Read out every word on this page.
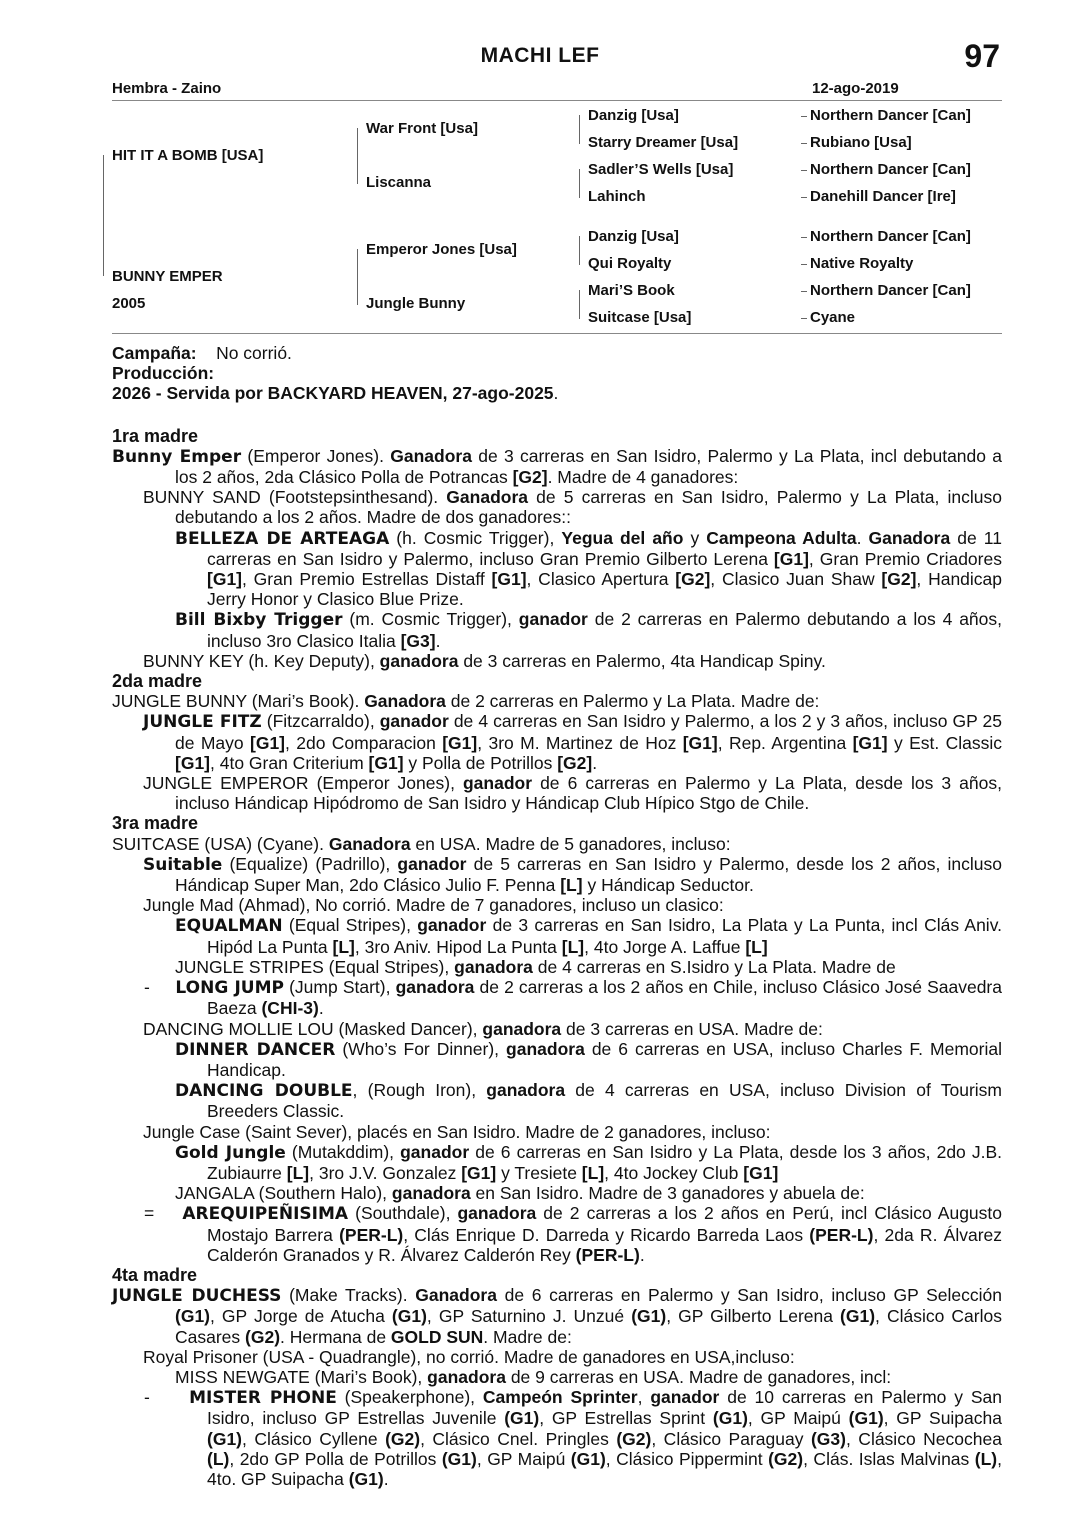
MACHI LEF	97
Hembra - Zaino	12-ago-2019
HIT IT A BOMB [USA]
BUNNY EMPER
2005
War Front [Usa]
Liscanna
Emperor Jones [Usa]
Jungle Bunny
Danzig [Usa]
Starry Dreamer [Usa]
Sadler’S Wells [Usa]
Lahinch
Danzig [Usa]
Qui Royalty
Mari’S Book
Suitcase [Usa]
Northern Dancer [Can]
Rubiano [Usa]
Northern Dancer [Can]
Danehill Dancer [Ire]
Northern Dancer [Can]
Native Royalty
Northern Dancer [Can]
Cyane

Campaña: No corrió.

Producción:

2026 - Servida por BACKYARD HEAVEN, 27-ago-2025.

1ra madre

Bunny Emper (Emperor Jones). Ganadora de 3 carreras en San Isidro, Palermo y La Plata, incl debutando a los 2 años, 2da Clásico Polla de Potrancas [G2]. Madre de 4 ganadores:

BUNNY SAND (Footstepsinthesand). Ganadora de 5 carreras en San Isidro, Palermo y La Plata, incluso debutando a los 2 años. Madre de dos ganadores::

BELLEZA DE ARTEAGA (h. Cosmic Trigger), Yegua del año y Campeona Adulta. Ganadora de 11 carreras en San Isidro y Palermo, incluso Gran Premio Gilberto Lerena [G1], Gran Premio Criadores [G1], Gran Premio Estrellas Distaff [G1], Clasico Apertura [G2], Clasico Juan Shaw [G2], Handicap Jerry Honor y Clasico Blue Prize.

Bill Bixby Trigger (m. Cosmic Trigger), ganador de 2 carreras en Palermo debutando a los 4 años, incluso 3ro Clasico Italia [G3].

BUNNY KEY (h. Key Deputy), ganadora de 3 carreras en Palermo, 4ta Handicap Spiny.

2da madre

JUNGLE BUNNY (Mari’s Book). Ganadora de 2 carreras en Palermo y La Plata. Madre de:

JUNGLE FITZ (Fitzcarraldo), ganador de 4 carreras en San Isidro y Palermo, a los 2 y 3 años, incluso GP 25 de Mayo [G1], 2do Comparacion [G1], 3ro M. Martinez de Hoz [G1], Rep. Argentina [G1] y Est. Classic [G1], 4to Gran Criterium [G1] y Polla de Potrillos [G2].

JUNGLE EMPEROR (Emperor Jones), ganador de 6 carreras en Palermo y La Plata, desde los 3 años, incluso Hándicap Hipódromo de San Isidro y Hándicap Club Hípico Stgo de Chile.

3ra madre

SUITCASE (USA) (Cyane). Ganadora en USA. Madre de 5 ganadores, incluso:

Suitable (Equalize) (Padrillo), ganador de 5 carreras en San Isidro y Palermo, desde los 2 años, incluso Hándicap Super Man, 2do Clásico Julio F. Penna [L] y Hándicap Seductor.

Jungle Mad (Ahmad), No corrió. Madre de 7 ganadores, incluso un clasico:

EQUALMAN (Equal Stripes), ganador de 3 carreras en San Isidro, La Plata y La Punta, incl Clás Aniv. Hipód La Punta [L], 3ro Aniv. Hipod La Punta [L], 4to Jorge A. Laffue [L]

JUNGLE STRIPES (Equal Stripes), ganadora de 4 carreras en S.Isidro y La Plata. Madre de

-     LONG JUMP (Jump Start), ganadora de 2 carreras a los 2 años en Chile, incluso Clásico José Saavedra Baeza (CHI-3).

DANCING MOLLIE LOU (Masked Dancer), ganadora de 3 carreras en USA. Madre de:

DINNER DANCER (Who’s For Dinner), ganadora de 6 carreras en USA, incluso Charles F. Memorial Handicap.

DANCING DOUBLE, (Rough Iron), ganadora de 4 carreras en USA, incluso Division of Tourism Breeders Classic.

Jungle Case (Saint Sever), placés en San Isidro. Madre de 2 ganadores, incluso:

Gold Jungle (Mutakddim), ganador de 6 carreras en San Isidro y La Plata, desde los 3 años, 2do J.B. Zubiaurre [L], 3ro J.V. Gonzalez [G1] y Tresiete [L], 4to Jockey Club [G1]

JANGALA (Southern Halo), ganadora en San Isidro. Madre de 3 ganadores y abuela de:

=    AREQUIPEÑISIMA (Southdale), ganadora de 2 carreras a los 2 años en Perú, incl Clásico Augusto Mostajo Barrera (PER-L), Clás Enrique D. Darreda y Ricardo Barreda Laos (PER-L), 2da R. Álvarez Calderón Granados y R. Álvarez Calderón Rey (PER-L).

4ta madre

JUNGLE DUCHESS (Make Tracks). Ganadora de 6 carreras en Palermo y San Isidro, incluso GP Selección (G1), GP Jorge de Atucha (G1), GP Saturnino J. Unzué (G1), GP Gilberto Lerena (G1), Clásico Carlos Casares (G2). Hermana de GOLD SUN. Madre de:

Royal Prisoner (USA - Quadrangle), no corrió. Madre de ganadores en USA,incluso:

MISS NEWGATE (Mari’s Book), ganadora de 9 carreras en USA. Madre de ganadores, incl:

-     MISTER PHONE (Speakerphone), Campeón Sprinter, ganador de 10 carreras en Palermo y San Isidro, incluso GP Estrellas Juvenile (G1), GP Estrellas Sprint (G1), GP Maipú (G1), GP Suipacha (G1), Clásico Cyllene (G2), Clásico Cnel. Pringles (G2), Clásico Paraguay (G3), Clásico Necochea (L), 2do GP Polla de Potrillos (G1), GP Maipú (G1), Clásico Pippermint (G2), Clás. Islas Malvinas (L), 4to. GP Suipacha (G1).
